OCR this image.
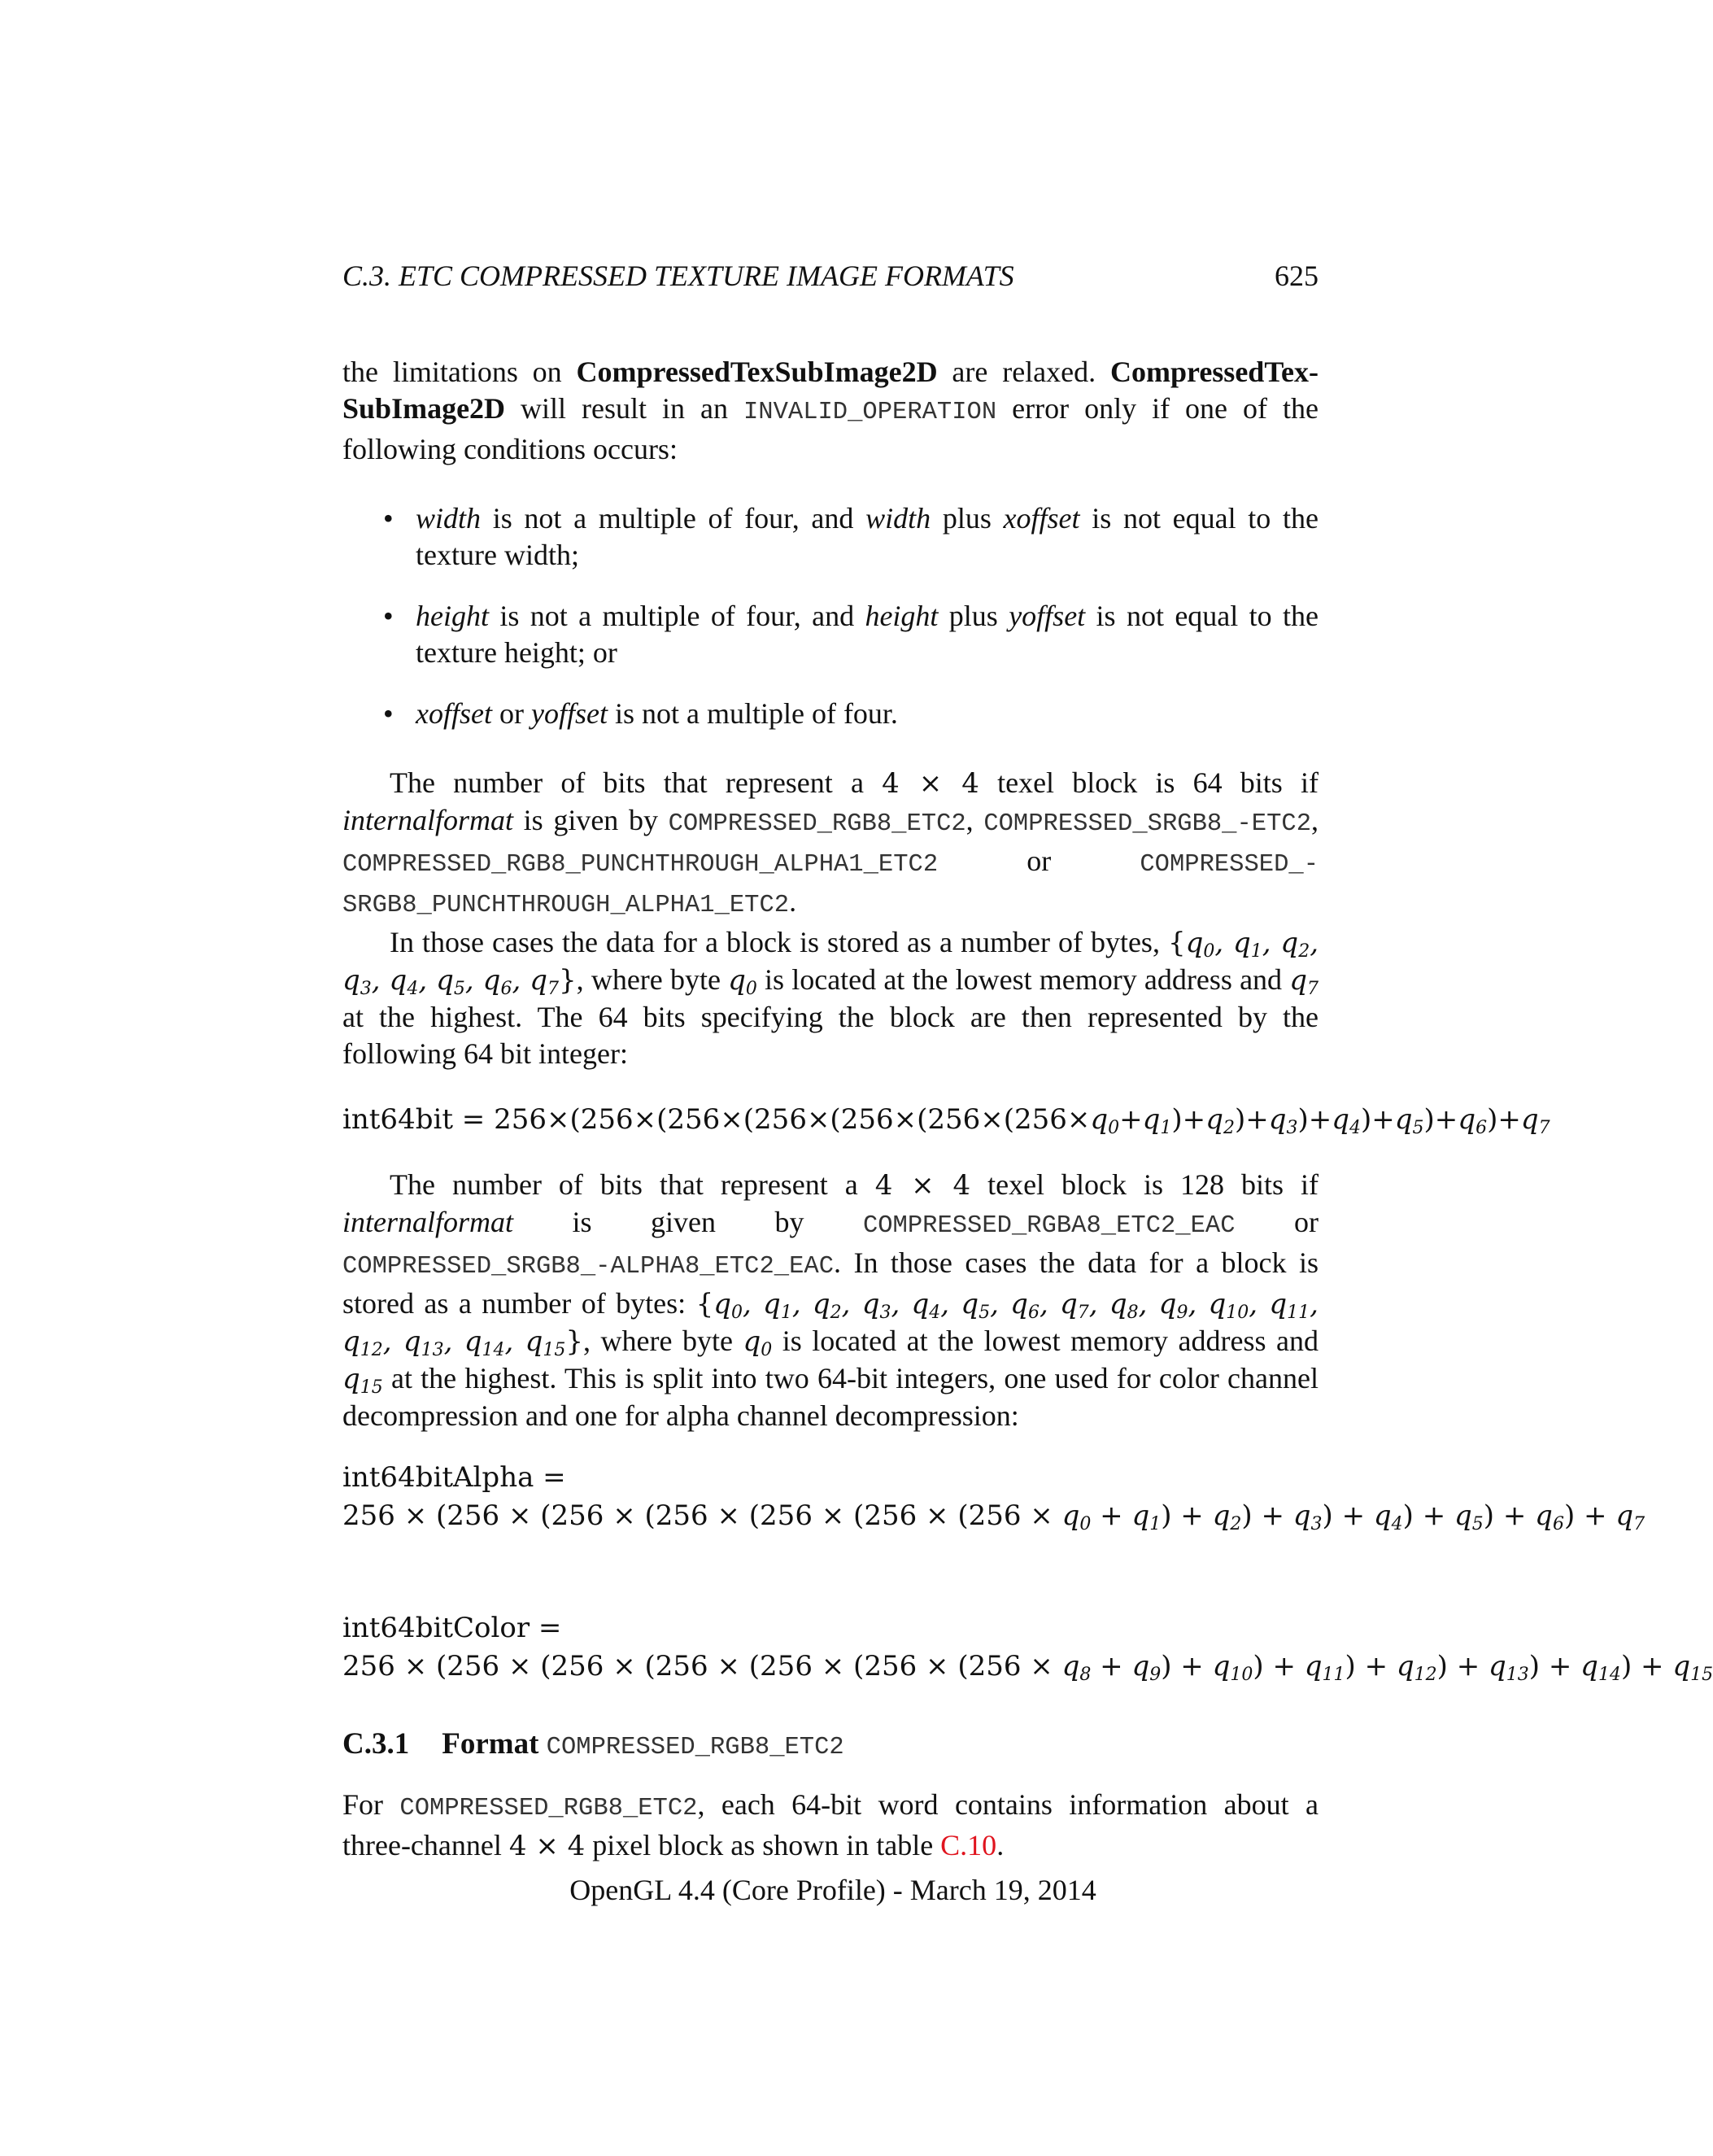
C.3. ETC COMPRESSED TEXTURE IMAGE FORMATS	625

the limitations on CompressedTexSubImage2D are relaxed. CompressedTex-SubImage2D will result in an INVALID_OPERATION error only if one of the following conditions occurs:

• width is not a multiple of four, and width plus xoffset is not equal to the texture width;
• height is not a multiple of four, and height plus yoffset is not equal to the texture height; or
• xoffset or yoffset is not a multiple of four.

The number of bits that represent a 4 × 4 texel block is 64 bits if internalformat is given by COMPRESSED_RGB8_ETC2, COMPRESSED_SRGB8_-ETC2, COMPRESSED_RGB8_PUNCHTHROUGH_ALPHA1_ETC2 or COMPRESSED_-SRGB8_PUNCHTHROUGH_ALPHA1_ETC2.

In those cases the data for a block is stored as a number of bytes, {$q_0$, $q_1$, $q_2$, $q_3$, $q_4$, $q_5$, $q_6$, $q_7$}, where byte $q_0$ is located at the lowest memory address and $q_7$ at the highest. The 64 bits specifying the block are then represented by the following 64 bit integer:

$int64bit = 256\times(256\times(256\times(256\times(256\times(256\times(256\times q_0+q_1)+q_2)+q_3)+q_4)+q_5)+q_6)+q_7$

The number of bits that represent a 4 × 4 texel block is 128 bits if internalformat is given by COMPRESSED_RGBA8_ETC2_EAC or COMPRESSED_SRGB8_-ALPHA8_ETC2_EAC. In those cases the data for a block is stored as a number of bytes: {$q_0$, $q_1$, $q_2$, $q_3$, $q_4$, $q_5$, $q_6$, $q_7$, $q_8$, $q_9$, $q_{10}$, $q_{11}$, $q_{12}$, $q_{13}$, $q_{14}$, $q_{15}$}, where byte $q_0$ is located at the lowest memory address and $q_{15}$ at the highest. This is split into two 64-bit integers, one used for color channel decompression and one for alpha channel decompression:

int64bitAlpha =
$256 \times (256 \times (256 \times (256 \times (256 \times (256 \times (256 \times q_0 + q_1) + q_2) + q_3) + q_4) + q_5) + q_6) + q_7$
int64bitColor =
$256 \times (256 \times (256 \times (256 \times (256 \times (256 \times (256 \times q_8 + q_9) + q_{10}) + q_{11}) + q_{12}) + q_{13}) + q_{14}) + q_{15}$
C.3.1 Format COMPRESSED_RGB8_ETC2

For COMPRESSED_RGB8_ETC2, each 64-bit word contains information about a three-channel 4 × 4 pixel block as shown in table C.10.

OpenGL 4.4 (Core Profile) - March 19, 2014
